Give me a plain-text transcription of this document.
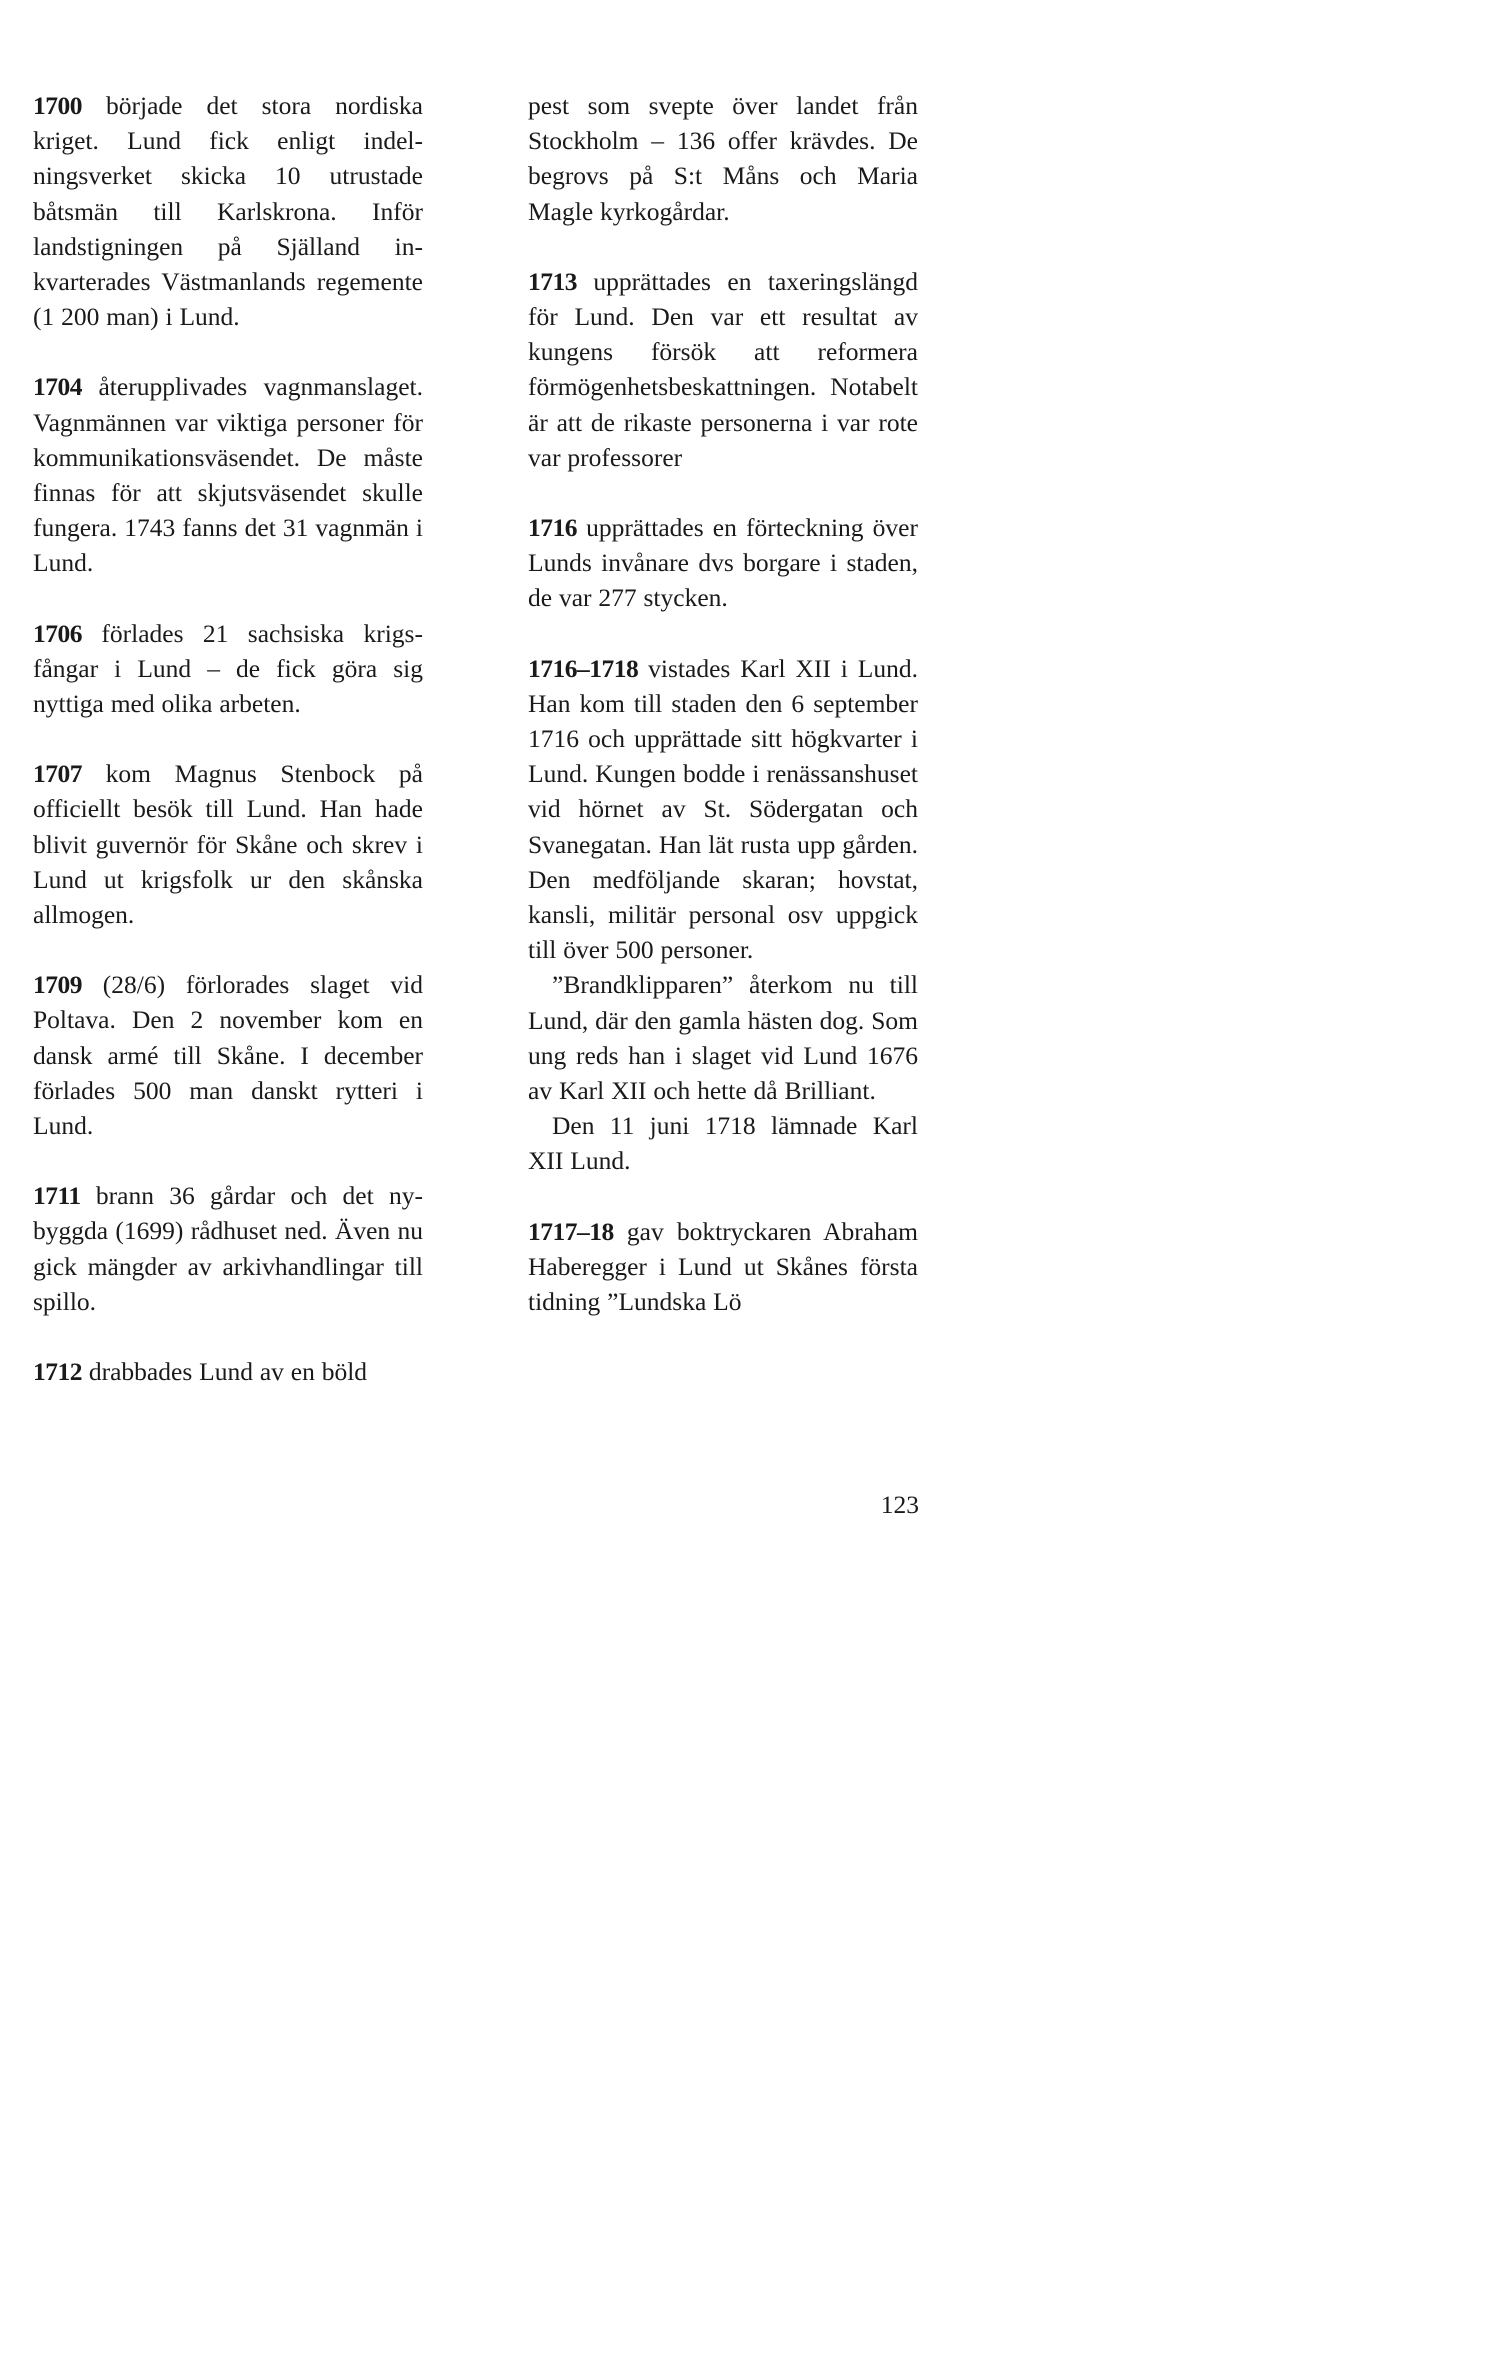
1700 började det stora nordiska kriget. Lund fick enligt indelningsverket skicka 10 utrustade båtsmän till Karlskrona. Inför landstigningen på Själland inkvarterades Västmanlands regemente (1 200 man) i Lund.

1704 återupplivades vagnmanslaget. Vagnmännen var viktiga personer för kommunikationsväsendet. De måste finnas för att skjutsväsendet skulle fungera. 1743 fanns det 31 vagnmän i Lund.

1706 förlades 21 sachsiska krigsfångar i Lund – de fick göra sig nyttiga med olika arbeten.

1707 kom Magnus Stenbock på officiellt besök till Lund. Han hade blivit guvernör för Skåne och skrev i Lund ut krigsfolk ur den skånska allmogen.

1709 (28/6) förlorades slaget vid Poltava. Den 2 november kom en dansk armé till Skåne. I december förlades 500 man danskt rytteri i Lund.

1711 brann 36 gårdar och det nybyggda (1699) rådhuset ned. Även nu gick mängder av arkivhandlingar till spillo.

1712 drabbades Lund av en böld

pest som svepte över landet från Stockholm – 136 offer krävdes. De begrovs på S:t Måns och Maria Magle kyrkogårdar.

1713 upprättades en taxeringslängd för Lund. Den var ett resultat av kungens försök att reformera förmögenhetsbeskattningen. Notabelt är att de rikaste personerna i var rote var professorer

1716 upprättades en förteckning över Lunds invånare dvs borgare i staden, de var 277 stycken.

1716–1718 vistades Karl XII i Lund. Han kom till staden den 6 september 1716 och upprättade sitt högkvarter i Lund. Kungen bodde i renässanshuset vid hörnet av St. Södergatan och Svanegatan. Han lät rusta upp gården. Den medföljande skaran; hovstat, kansli, militär personal osv uppgick till över 500 personer.

”Brandklipparen” återkom nu till Lund, där den gamla hästen dog. Som ung reds han i slaget vid Lund 1676 av Karl XII och hette då Brilliant.

Den 11 juni 1718 lämnade Karl XII Lund.

1717–18 gav boktryckaren Abraham Haberegger i Lund ut Skånes första tidning ”Lundska Lö

123
